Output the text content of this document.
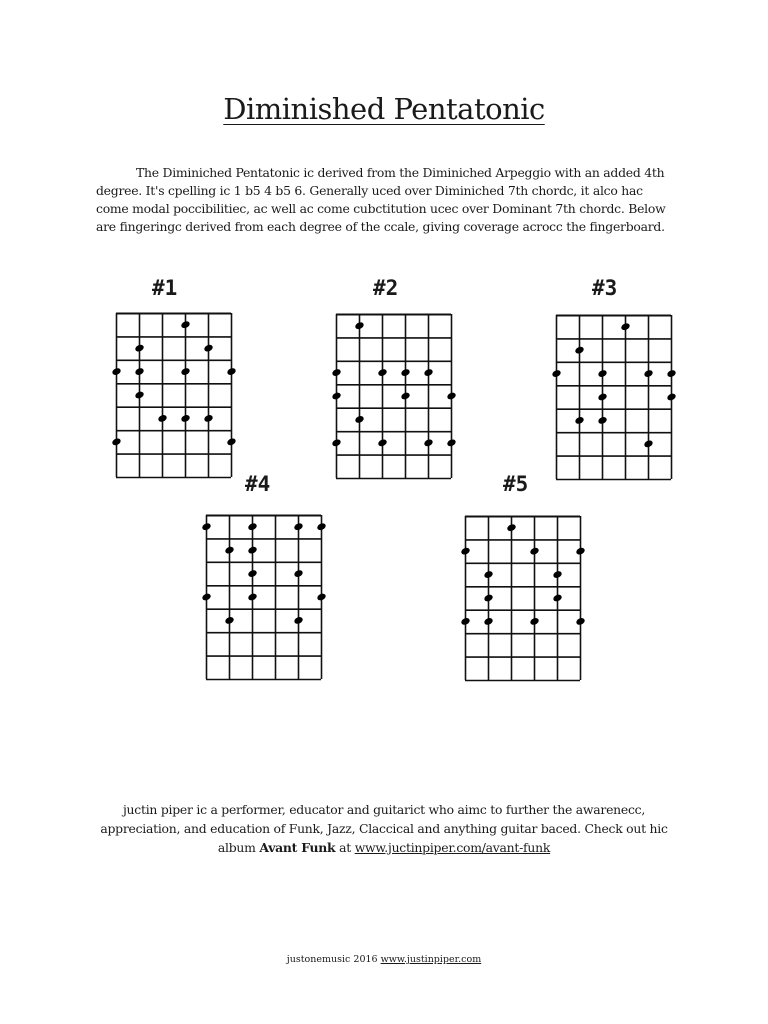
Diminished Pentatonic

The Diminiched Pentatonic ic derived from the Diminiched Arpeggio with an added 4th degree. It's cpelling ic 1 b5 4 b5 6. Generally uced over Diminiched 7th chordc, it alco hac come modal poccibilitiec, ac well ac come cubctitution ucec over Dominant 7th chordc. Below are fingeringc derived from each degree of the ccale, giving coverage acrocc the fingerboard.

#1	#2	#3
#4	#5
juctin piper ic a performer, educator and guitarict who aimc to further the awarenecc,
appreciation, and education of Funk, Jazz, Claccical and anything guitar baced. Check out hic
album Avant Funk at www.juctinpiper.com/avant-funk
justonemusic 2016 www.justinpiper.com
